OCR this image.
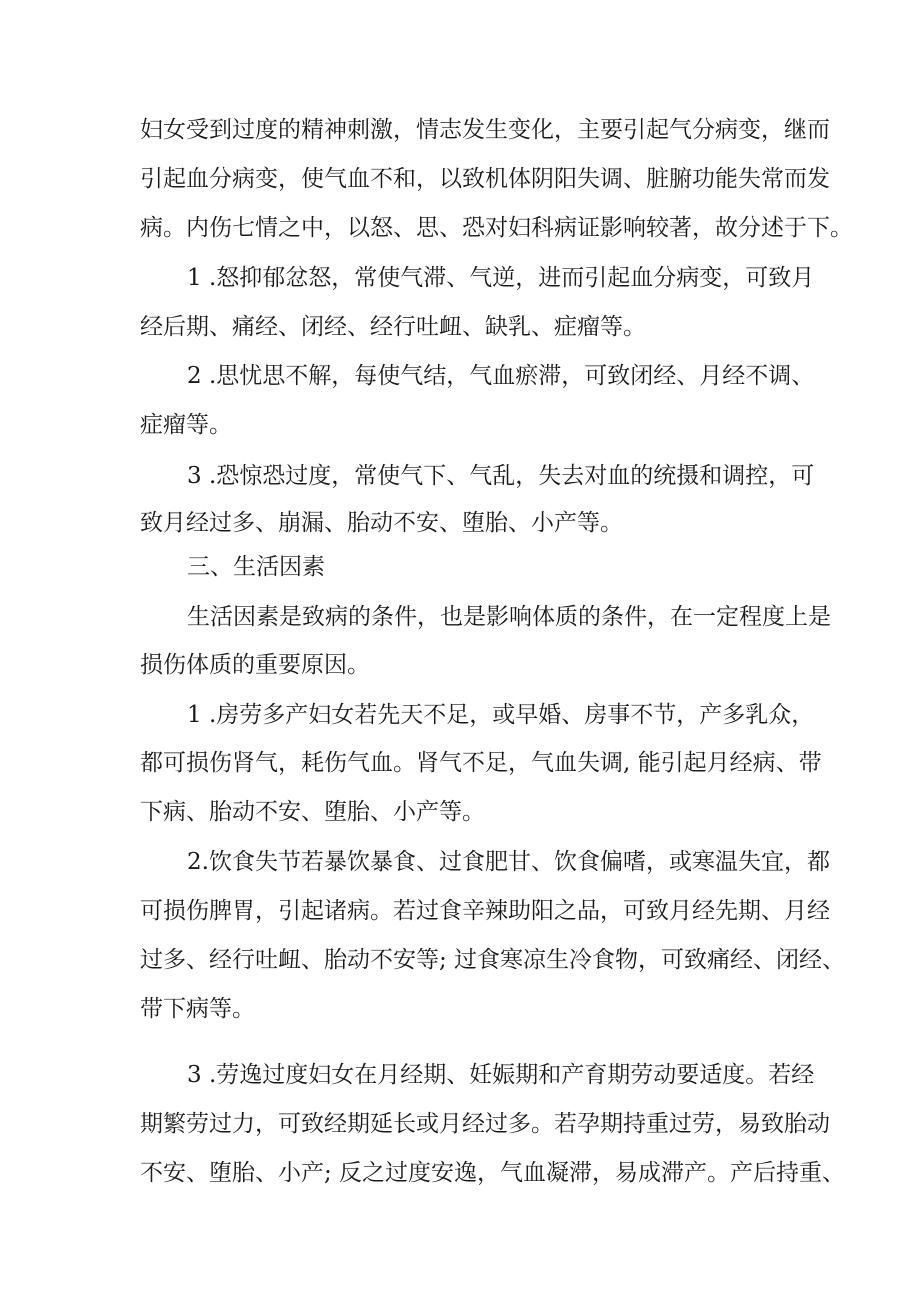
妇女受到过度的精神刺激，情志发生变化，主要引起气分病变，继而
引起血分病变，使气血不和，以致机体阴阳失调、脏腑功能失常而发
病。内伤七情之中，以怒、思、恐对妇科病证影响较著，故分述于下。
1 .怒抑郁忿怒，常使气滞、气逆，进而引起血分病变，可致月
经后期、痛经、闭经、经行吐衄、缺乳、症瘤等。
2 .思忧思不解，每使气结，气血瘀滞，可致闭经、月经不调、
症瘤等。
3 .恐惊恐过度，常使气下、气乱，失去对血的统摄和调控，可
致月经过多、崩漏、胎动不安、堕胎、小产等。
三、生活因素
生活因素是致病的条件，也是影响体质的条件，在一定程度上是
损伤体质的重要原因。
1 .房劳多产妇女若先天不足，或早婚、房事不节，产多乳众，
都可损伤肾气，耗伤气血。肾气不足，气血失调, 能引起月经病、带
下病、胎动不安、堕胎、小产等。
2.饮食失节若暴饮暴食、过食肥甘、饮食偏嗜，或寒温失宜，都
可损伤脾胃，引起诸病。若过食辛辣助阳之品，可致月经先期、月经
过多、经行吐衄、胎动不安等; 过食寒凉生冷食物，可致痛经、闭经、
带下病等。
3 .劳逸过度妇女在月经期、妊娠期和产育期劳动要适度。若经
期繁劳过力，可致经期延长或月经过多。若孕期持重过劳，易致胎动
不安、堕胎、小产; 反之过度安逸，气血凝滞，易成滞产。产后持重、
